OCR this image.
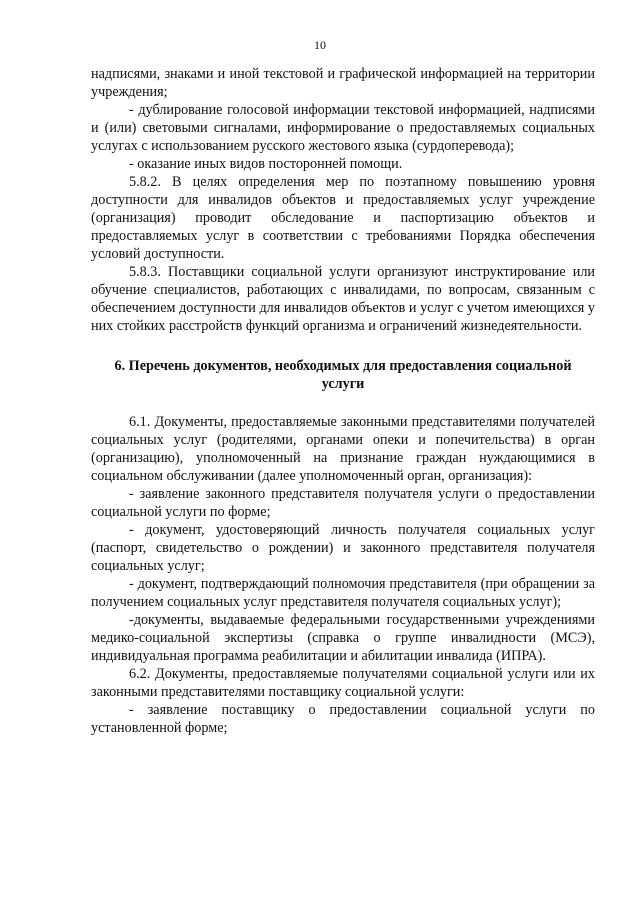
10

надписями, знаками и иной текстовой и графической информацией на территории учреждения;

- дублирование голосовой информации текстовой информацией, надписями и (или) световыми сигналами, информирование о предоставляемых социальных услугах с использованием русского жестового языка (сурдоперевода);

- оказание иных видов посторонней помощи.

5.8.2. В целях определения мер по поэтапному повышению уровня доступности для инвалидов объектов и предоставляемых услуг учреждение (организация) проводит обследование и паспортизацию объектов и предоставляемых услуг в соответствии с требованиями Порядка обеспечения условий доступности.

5.8.3. Поставщики социальной услуги организуют инструктирование или обучение специалистов, работающих с инвалидами, по вопросам, связанным с обеспечением доступности для инвалидов объектов и услуг с учетом имеющихся у них стойких расстройств функций организма и ограничений жизнедеятельности.

6. Перечень документов, необходимых для предоставления социальной услуги

6.1. Документы, предоставляемые законными представителями получателей социальных услуг (родителями, органами опеки и попечительства) в орган (организацию), уполномоченный на признание граждан нуждающимися в социальном обслуживании (далее уполномоченный орган, организация):

- заявление законного представителя получателя услуги о предоставлении социальной услуги по форме;

- документ, удостоверяющий личность получателя социальных услуг (паспорт, свидетельство о рождении) и законного представителя получателя социальных услуг;

- документ, подтверждающий полномочия представителя (при обращении за получением социальных услуг представителя получателя социальных услуг);

-документы, выдаваемые федеральными государственными учреждениями медико-социальной экспертизы (справка о группе инвалидности (МСЭ), индивидуальная программа реабилитации и абилитации инвалида (ИПРА).

6.2. Документы, предоставляемые получателями социальной услуги или их законными представителями поставщику социальной услуги:

- заявление поставщику о предоставлении социальной услуги по установленной форме;
